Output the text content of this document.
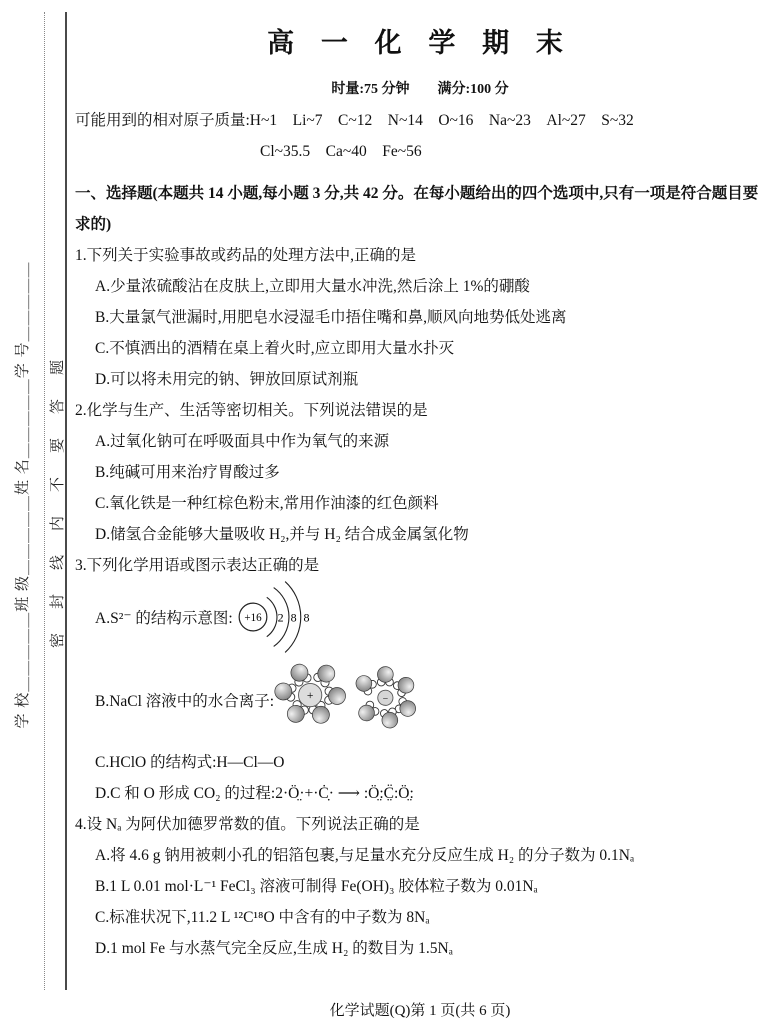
学 校＿＿＿＿＿班 级＿＿＿＿＿姓 名＿＿＿＿＿学 号＿＿＿＿＿ 密封线内不要答题
高 一 化 学 期 末
时量:75 分钟　　满分:100 分
可能用到的相对原子质量:H~1　Li~7　C~12　N~14　O~16　Na~23　Al~27　S~32
Cl~35.5　Ca~40　Fe~56
一、选择题(本题共 14 小题,每小题 3 分,共 42 分。在每小题给出的四个选项中,只有一项是符合题目要求的)
1.下列关于实验事故或药品的处理方法中,正确的是
A.少量浓硫酸沾在皮肤上,立即用大量水冲洗,然后涂上 1%的硼酸
B.大量氯气泄漏时,用肥皂水浸湿毛巾捂住嘴和鼻,顺风向地势低处逃离
C.不慎洒出的酒精在桌上着火时,应立即用大量水扑灭
D.可以将未用完的钠、钾放回原试剂瓶
2.化学与生产、生活等密切相关。下列说法错误的是
A.过氧化钠可在呼吸面具中作为氧气的来源
B.纯碱可用来治疗胃酸过多
C.氧化铁是一种红棕色粉末,常用作油漆的红色颜料
D.储氢合金能够大量吸收 H₂,并与 H₂ 结合成金属氢化物
3.下列化学用语或图示表达正确的是
A.S²⁻ 的结构示意图: +16 2 8 8
B.NaCl 溶液中的水合离子:	+	−
C.HClO 的结构式:H—Cl—O
D.C 和 O 形成 CO₂ 的过程:2·Ö̤·+·Ċ̣· ⟶ :Ö̤:C̤̈:Ö̤:
4.设 Nₐ 为阿伏加德罗常数的值。下列说法正确的是
A.将 4.6 g 钠用被刺小孔的铝箔包裹,与足量水充分反应生成 H₂ 的分子数为 0.1Nₐ
B.1 L 0.01 mol·L⁻¹ FeCl₃ 溶液可制得 Fe(OH)₃ 胶体粒子数为 0.01Nₐ
C.标准状况下,11.2 L ¹²C¹⁸O 中含有的中子数为 8Nₐ
D.1 mol Fe 与水蒸气完全反应,生成 H₂ 的数目为 1.5Nₐ
化学试题(Q)第 1 页(共 6 页)
